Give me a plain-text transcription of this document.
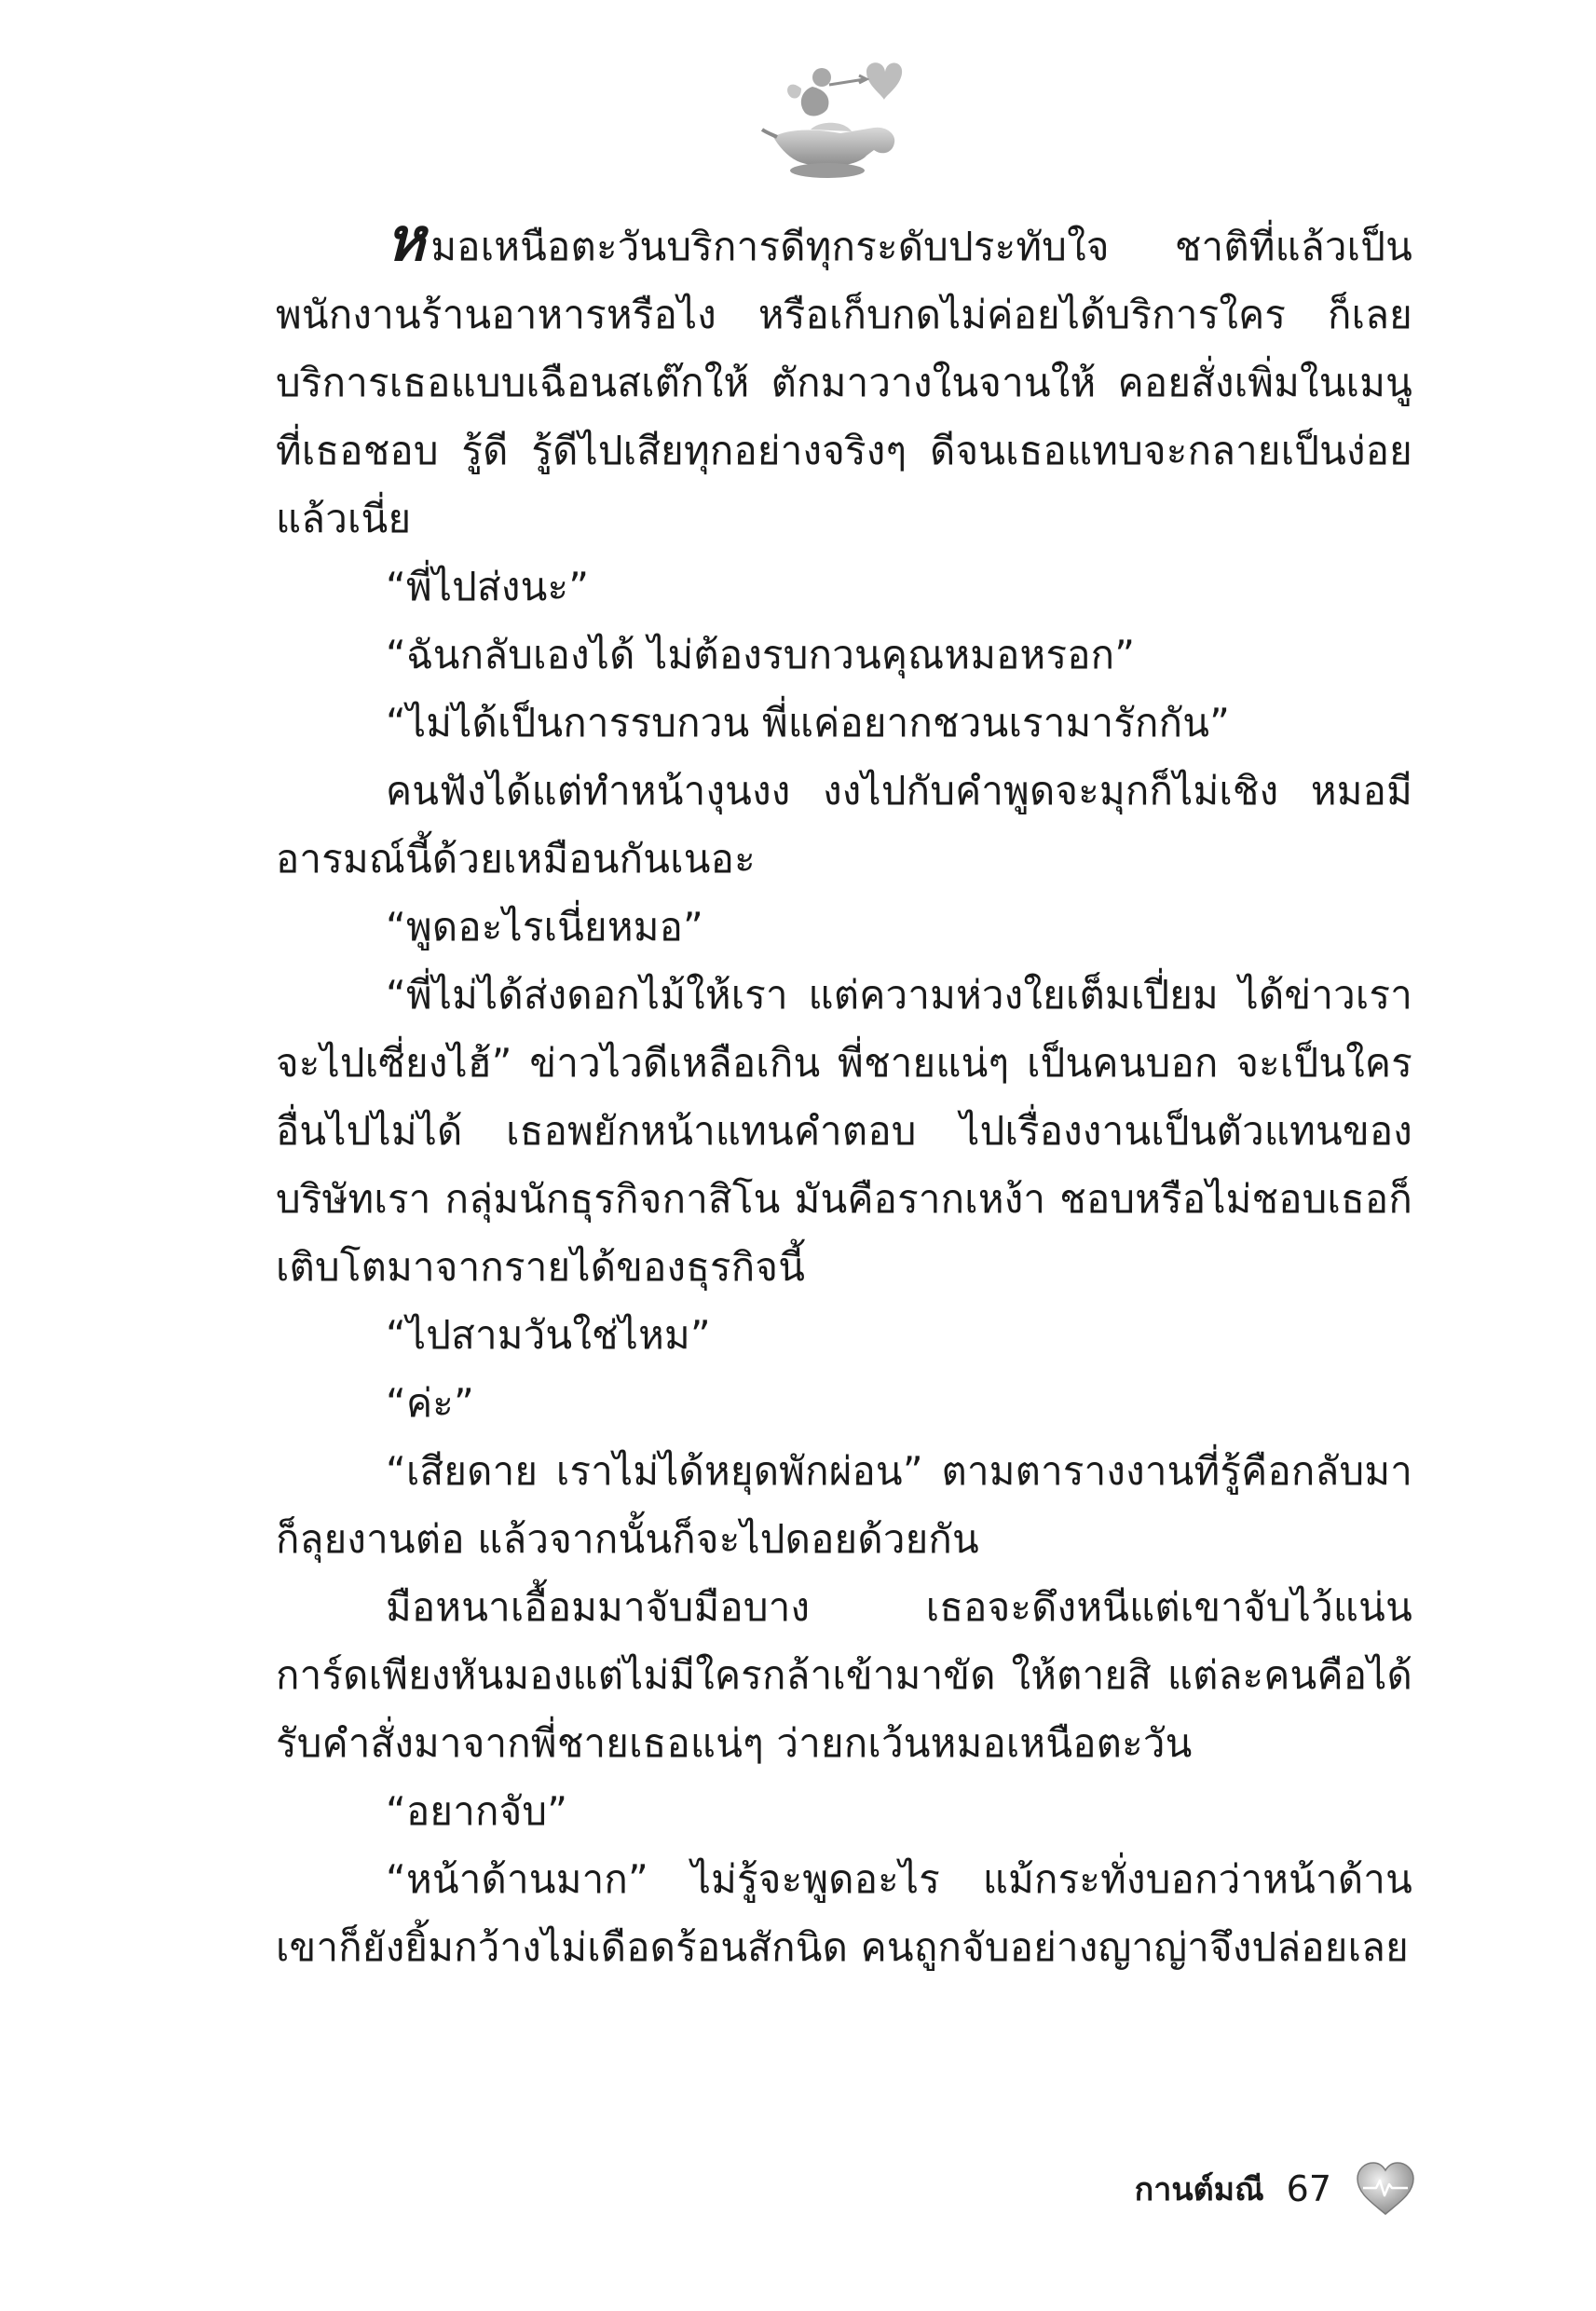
หมอเหนือตะวันบริการดีทุกระดับประทับใจ ชาติที่แล้วเป็นพนักงานร้านอาหารหรือไง หรือเก็บกดไม่ค่อยได้บริการใคร ก็เลยบริการเธอแบบเฉือนสเต๊กให้ ตักมาวางในจานให้ คอยสั่งเพิ่มในเมนูที่เธอชอบ รู้ดี รู้ดีไปเสียทุกอย่างจริงๆ ดีจนเธอแทบจะกลายเป็นง่อยแล้วเนี่ย

“พี่ไปส่งนะ”

“ฉันกลับเองได้ ไม่ต้องรบกวนคุณหมอหรอก”

“ไม่ได้เป็นการรบกวน พี่แค่อยากชวนเรามารักกัน”

คนฟังได้แต่ทำหน้างุนงง งงไปกับคำพูดจะมุกก็ไม่เชิง หมอมีอารมณ์นี้ด้วยเหมือนกันเนอะ

“พูดอะไรเนี่ยหมอ”

“พี่ไม่ได้ส่งดอกไม้ให้เรา แต่ความห่วงใยเต็มเปี่ยม ได้ข่าวเราจะไปเซี่ยงไฮ้” ข่าวไวดีเหลือเกิน พี่ชายแน่ๆ เป็นคนบอก จะเป็นใครอื่นไปไม่ได้ เธอพยักหน้าแทนคำตอบ ไปเรื่องงานเป็นตัวแทนของบริษัทเรา กลุ่มนักธุรกิจกาสิโน มันคือรากเหง้า ชอบหรือไม่ชอบเธอก็เติบโตมาจากรายได้ของธุรกิจนี้

“ไปสามวันใช่ไหม”

“ค่ะ”

“เสียดาย เราไม่ได้หยุดพักผ่อน” ตามตารางงานที่รู้คือกลับมาก็ลุยงานต่อ แล้วจากนั้นก็จะไปดอยด้วยกัน

มือหนาเอื้อมมาจับมือบาง เธอจะดึงหนีแต่เขาจับไว้แน่น การ์ดเพียงหันมองแต่ไม่มีใครกล้าเข้ามาขัด ให้ตายสิ แต่ละคนคือได้รับคำสั่งมาจากพี่ชายเธอแน่ๆ ว่ายกเว้นหมอเหนือตะวัน

“อยากจับ”

“หน้าด้านมาก” ไม่รู้จะพูดอะไร แม้กระทั่งบอกว่าหน้าด้าน เขาก็ยังยิ้มกว้างไม่เดือดร้อนสักนิด คนถูกจับอย่างญาญ่าจึงปล่อยเลย

กานต์มณี 67
